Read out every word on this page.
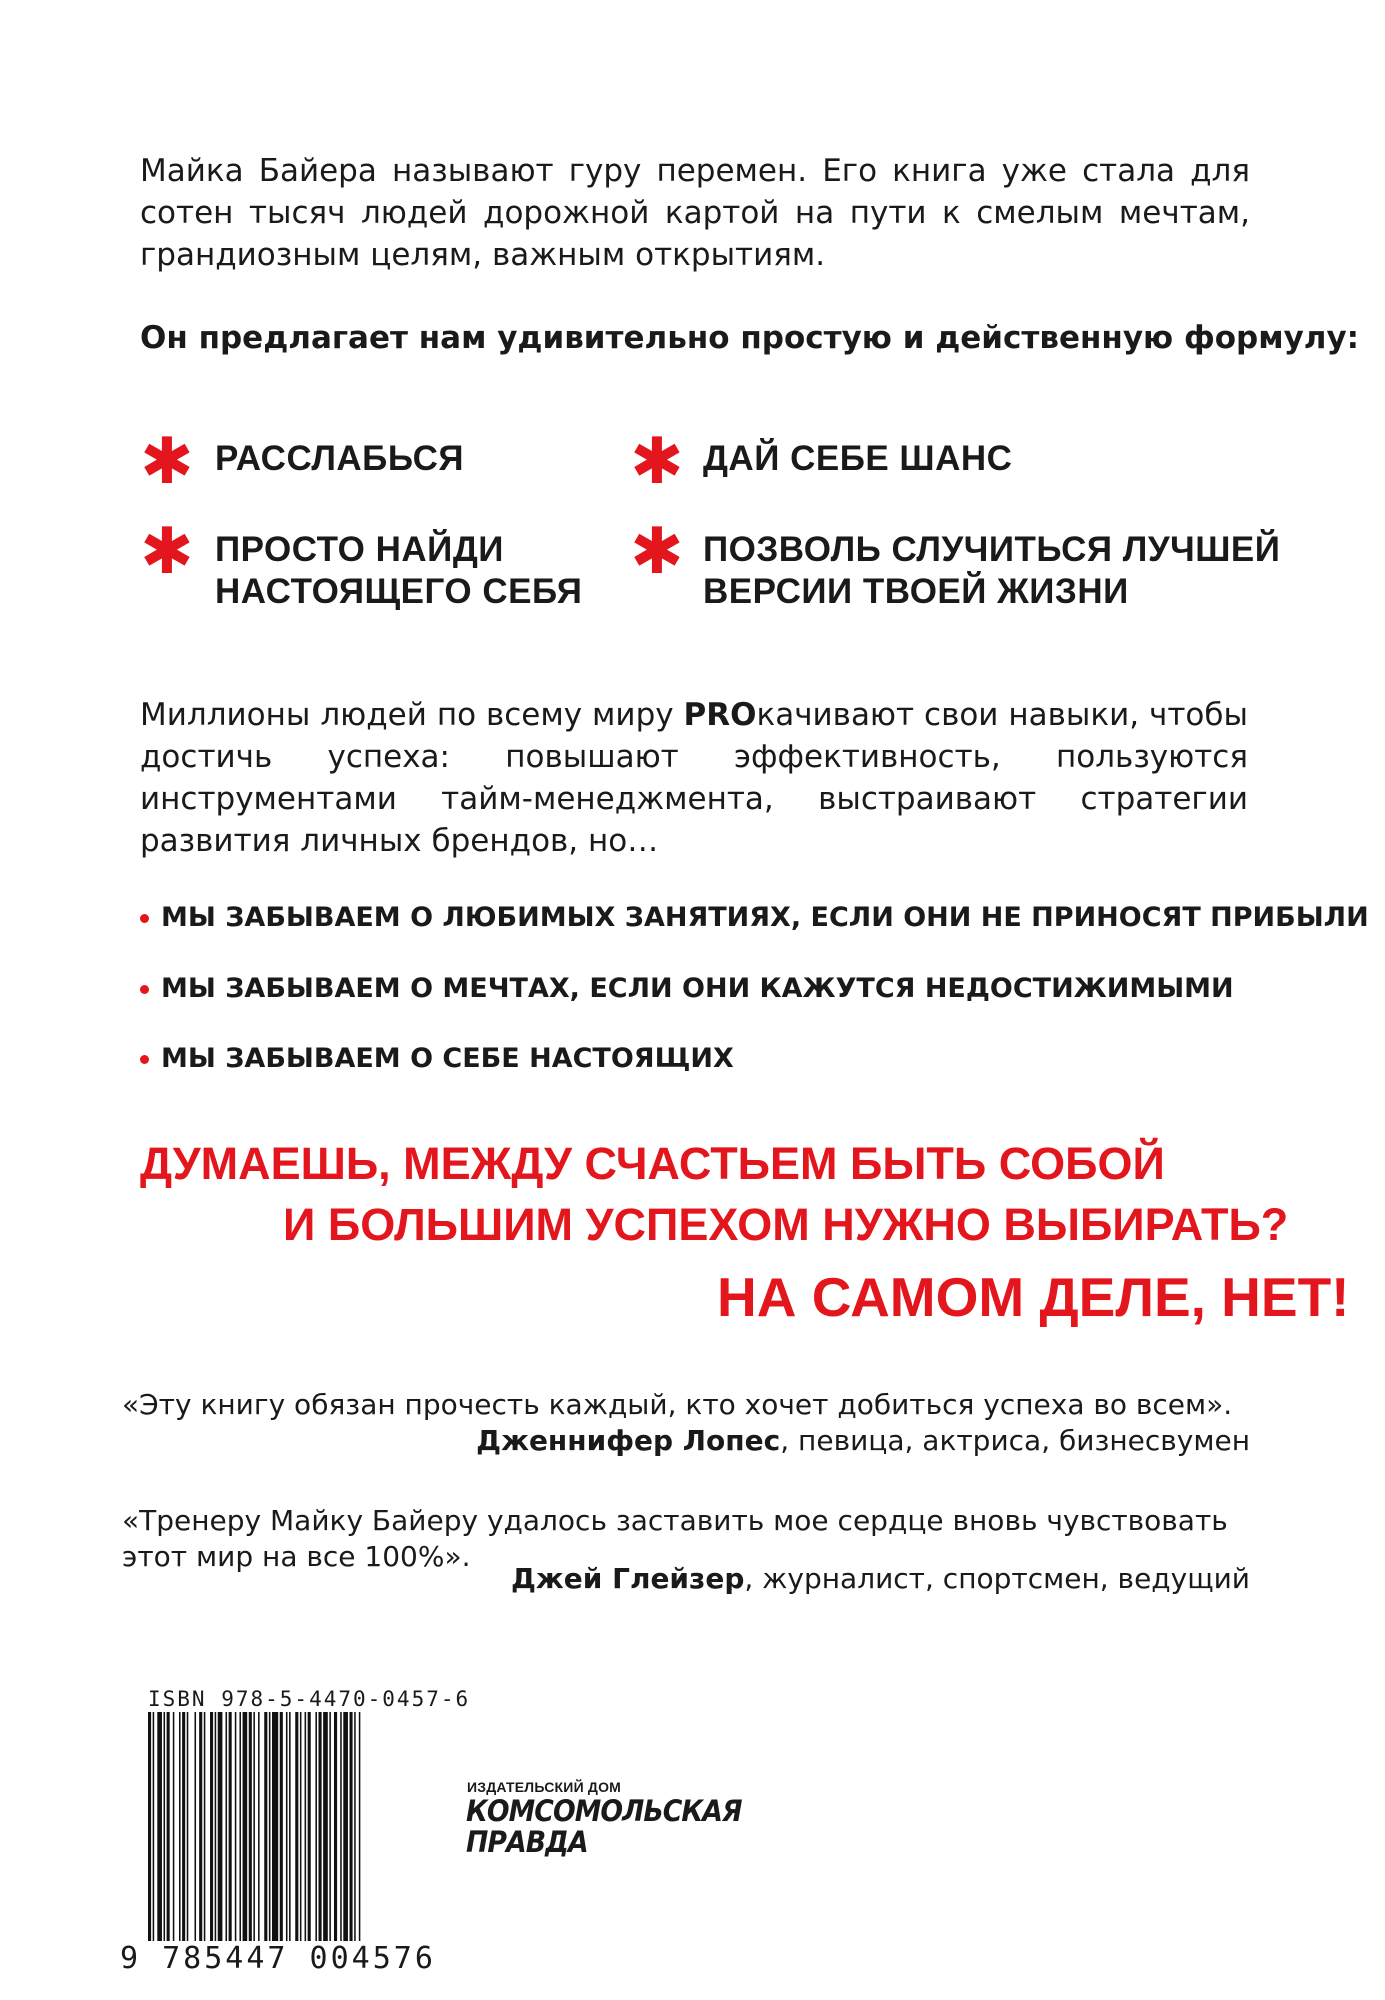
Майка Байера называют гуру перемен. Его книга уже стала для сотен тысяч людей дорожной картой на пути к смелым мечтам, грандиозным целям, важным открытиям.
Он предлагает нам удивительно простую и действенную формулу:
✱ РАССЛАБЬСЯ	✱ ДАЙ СЕБЕ ШАНС
✱ ПРОСТО НАЙДИ
НАСТОЯЩЕГО СЕБЯ
✱ ПОЗВОЛЬ СЛУЧИТЬСЯ ЛУЧШЕЙ
ВЕРСИИ ТВОЕЙ ЖИЗНИ
Миллионы людей по всему миру PROкачивают свои навыки, чтобы достичь успеха: повышают эффективность, пользуются инструментами тайм-менеджмента, выстраивают стратегии развития личных брендов, но…
МЫ ЗАБЫВАЕМ О ЛЮБИМЫХ ЗАНЯТИЯХ, ЕСЛИ ОНИ НЕ ПРИНОСЯТ ПРИБЫЛИ
МЫ ЗАБЫВАЕМ О МЕЧТАХ, ЕСЛИ ОНИ КАЖУТСЯ НЕДОСТИЖИМЫМИ
МЫ ЗАБЫВАЕМ О СЕБЕ НАСТОЯЩИХ
ДУМАЕШЬ, МЕЖДУ СЧАСТЬЕМ БЫТЬ СОБОЙ
И БОЛЬШИМ УСПЕХОМ НУЖНО ВЫБИРАТЬ?
НА САМОМ ДЕЛЕ, НЕТ!
«Эту книгу обязан прочесть каждый, кто хочет добиться успеха во всем».
Дженнифер Лопес, певица, актриса, бизнесвумен
«Тренеру Майку Байеру удалось заставить мое сердце вновь чувствовать
этот мир на все 100%».
Джей Глейзер, журналист, спортсмен, ведущий
ISBN 978-5-4470-0457-6
9 785447 004576
ИЗДАТЕЛЬСКИЙ ДОМ
КОМСОМОЛЬСКАЯ
ПРАВДА
